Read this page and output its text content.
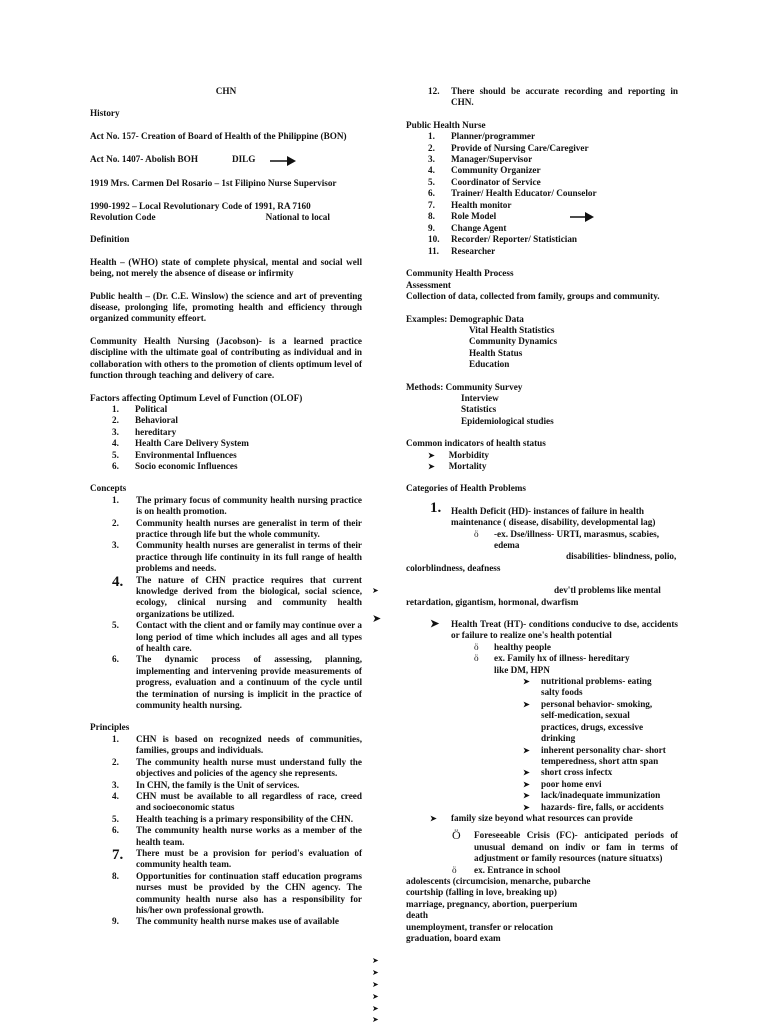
CHN

History

Act No. 157- Creation of Board of Health of the Philippine (BON)

Act No. 1407- Abolish BOH	DILG

1919 Mrs. Carmen Del Rosario – 1st Filipino Nurse Supervisor

1990-1992 – Local Revolutionary Code of 1991, RA 7160

Revolution Code	National to local

Definition

Health – (WHO) state of complete physical, mental and social well being, not merely the absence of disease or infirmity

Public health – (Dr. C.E. Winslow) the science and art of preventing disease, prolonging life, promoting health and efficiency through organized community effeort.

Community Health Nursing (Jacobson)- is a learned practice discipline with the ultimate goal of contributing as individual and in collaboration with others to the promotion of clients optimum level of function through teaching and delivery of care.

Factors affecting Optimum Level of Function (OLOF)

1.	Political
2.	Behavioral
3.	hereditary
4.	Health Care Delivery System
5.	Environmental Influences
6.	Socio economic Influences

Concepts

1.	The primary focus of community health nursing practice is on health promotion.
2.	Community health nurses are generalist in term of their practice through life but the whole community.
3.	Community health nurses are generalist in terms of their practice through life continuity in its full range of health problems and needs.
4.	The nature of CHN practice requires that current knowledge derived from the biological, social science, ecology, clinical nursing and community health organizations be utilized.
5.	Contact with the client and or family may continue over a long period of time which includes all ages and all types of health care.
6.	The dynamic process of assessing, planning, implementing and intervening provide measurements of progress, evaluation and a continuum of the cycle until the termination of nursing is implicit in the practice of community health nursing.

Principles

1.	CHN is based on recognized needs of communities, families, groups and individuals.
2.	The community health nurse must understand fully the objectives and policies of the agency she represents.
3.	In CHN, the family is the Unit of services.
4.	CHN must be available to all regardless of race, creed and socioeconomic status
5.	Health teaching is a primary responsibility of the CHN.
6.	The community health nurse works as a member of the health team.
7.	There must be a provision for period's evaluation of community health team.
8.	Opportunities for continuation staff education programs nurses must be provided by the CHN agency. The community health nurse also has a responsibility for his/her own professional growth.
9.	The community health nurse makes use of available
12.	There should be accurate recording and reporting in CHN.

Public Health Nurse

1.	Planner/programmer
2.	Provide of Nursing Care/Caregiver
3.	Manager/Supervisor
4.	Community Organizer
5.	Coordinator of Service
6.	Trainer/ Health Educator/ Counselor
7.	Health monitor
8.	Role Model
9.	Change Agent
10.	Recorder/ Reporter/ Statistician
11.	Researcher

Community Health Process

Assessment

Collection of data, collected from family, groups and community.

Examples: Demographic Data

Vital Health Statistics

Community Dynamics

Health Status

Education

Methods: Community Survey

Interview

Statistics

Epidemiological studies

Common indicators of health status

➤ Morbidity

➤ Mortality

Categories of Health Problems

1. Health Deficit (HD)- instances of failure in health maintenance ( disease, disability, developmental lag)

ö -ex. Dse/illness- URTI, marasmus, scabies, edema

disabilities- blindness, polio,

colorblindness, deafness

dev'tl problems like mental

retardation, gigantism, hormonal, dwarfism

➤ Health Treat (HT)- conditions conducive to dse, accidents or failure to realize one's health potential

ö healthy people

ö ex. Family hx of illness- hereditary like DM, HPN

➤ nutritional problems- eating salty foods

➤ personal behavior- smoking, self-medication, sexual practices, drugs, excessive drinking

➤ inherent personality char- short temperedness, short attn span

➤ short cross infectx

➤ poor home envi

➤ lack/inadequate immunization

➤ hazards- fire, falls, or accidents

➤ family size beyond what resources can provide

Ö Foreseeable Crisis (FC)- anticipated periods of unusual demand on indiv or fam in terms of adjustment or family resources (nature situatxs)

ö ex. Entrance in school

adolescents (circumcision, menarche, pubarche

courtship (falling in love, breaking up)

marriage, pregnancy, abortion, puerperium

death

unemployment, transfer or relocation

graduation, board exam

➤
➤
➤
➤
➤
➤
➤
➤
